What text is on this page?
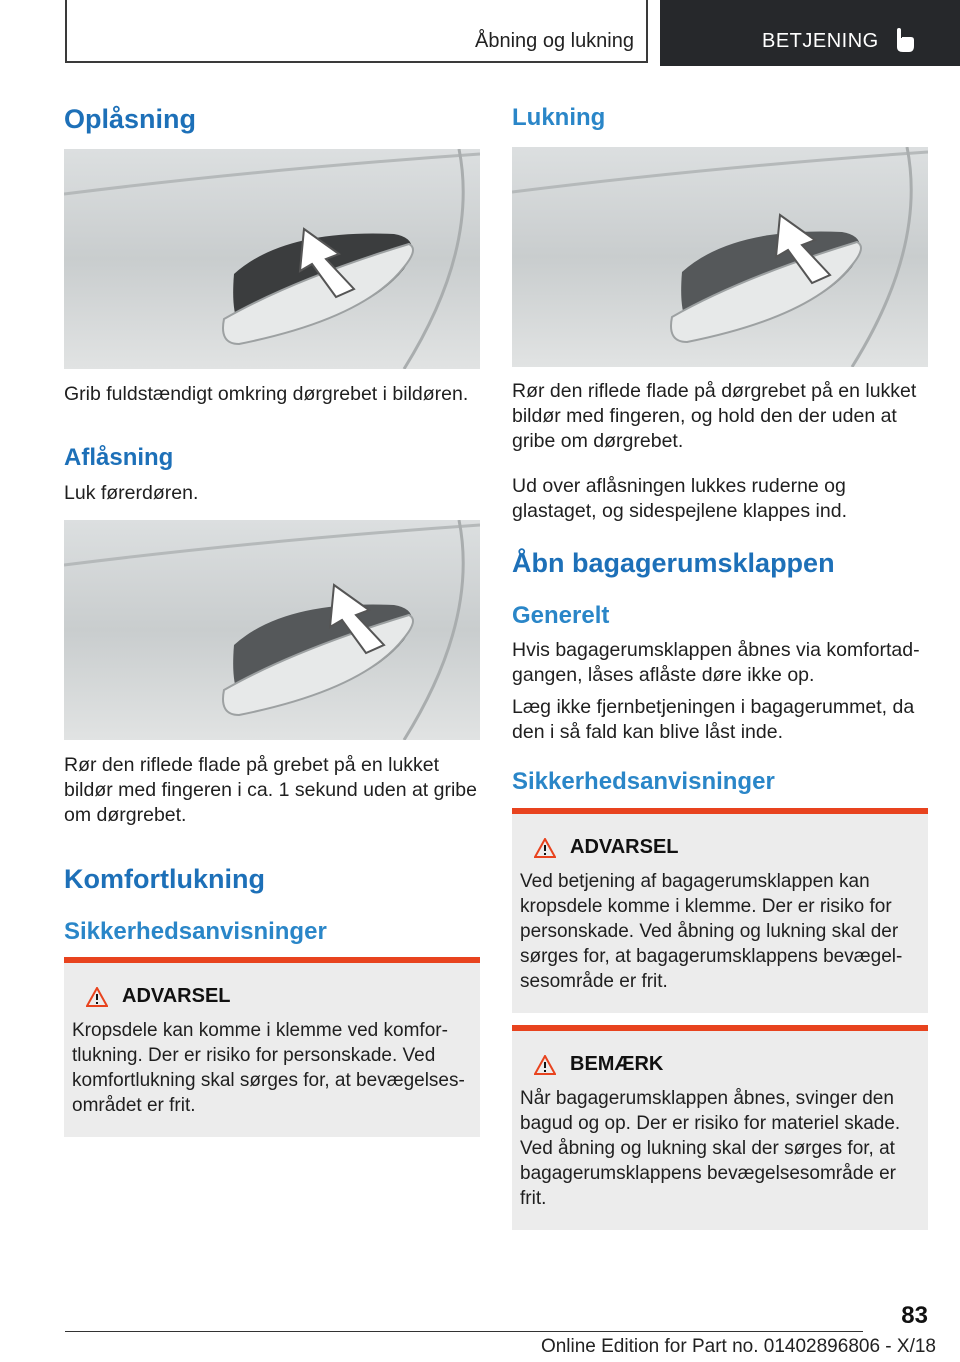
Åbning og lukning	BETJENING
Oplåsning

Grib fuldstændigt omkring dørgrebet i bildøren.

Aflåsning

Luk førerdøren.

Rør den riflede flade på grebet på en lukket bildør med fingeren i ca. 1 sekund uden at gribe om dørgrebet.

Komfortlukning
Sikkerhedsanvisninger
ADVARSEL

Kropsdele kan komme i klemme ved komfortlukning. Der er risiko for personskade. Ved komfortlukning skal sørges for, at bevægelsesområdet er frit.

Lukning

Rør den riflede flade på dørgrebet på en lukket bildør med fingeren, og hold den der uden at gribe om dørgrebet.

Ud over aflåsningen lukkes ruderne og glastaget, og sidespejlene klappes ind.

Åbn bagagerumsklappen
Generelt

Hvis bagagerumsklappen åbnes via komfortadgangen, låses aflåste døre ikke op.

Læg ikke fjernbetjeningen i bagagerummet, da den i så fald kan blive låst inde.

Sikkerhedsanvisninger
ADVARSEL

Ved betjening af bagagerumsklappen kan kropsdele komme i klemme. Der er risiko for personskade. Ved åbning og lukning skal der sørges for, at bagagerumsklappens bevægelsesområde er frit.

BEMÆRK

Når bagagerumsklappen åbnes, svinger den bagud og op. Der er risiko for materiel skade. Ved åbning og lukning skal der sørges for, at bagagerumsklappens bevægelsesområde er frit.

83
Online Edition for Part no. 01402896806 - X/18
